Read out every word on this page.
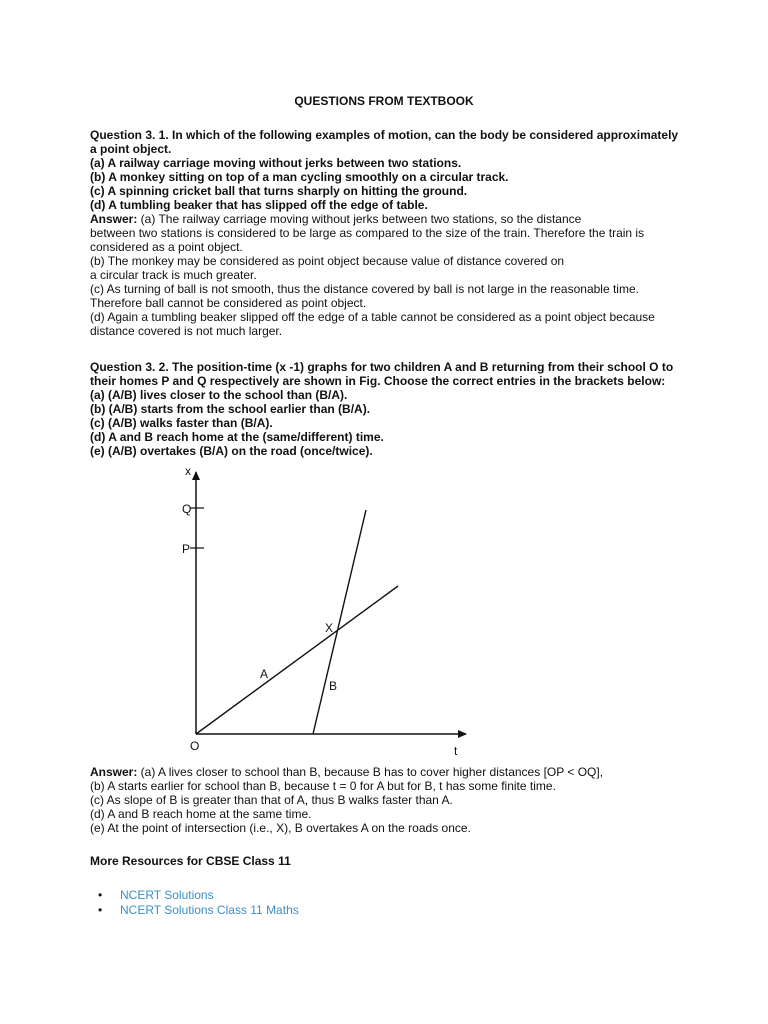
QUESTIONS FROM TEXTBOOK
Question 3. 1. In which of the following examples of motion, can the body be considered approximately
a point object.
(a) A railway carriage moving without jerks between two stations.
(b) A monkey sitting on top of a man cycling smoothly on a circular track.
(c) A spinning cricket ball that turns sharply on hitting the ground.
(d) A tumbling beaker that has slipped off the edge of table.
Answer: (a) The railway carriage moving without jerks between two stations, so the distance
between two stations is considered to be large as compared to the size of the train. Therefore the train is
considered as a point object.
(b) The monkey may be considered as point object because value of distance covered on
a circular track is much greater.
(c) As turning of ball is not smooth, thus the distance covered by ball is not large in the reasonable time.
Therefore ball cannot be considered as point object.
(d) Again a tumbling beaker slipped off the edge of a table cannot be considered as a point object because
distance covered is not much larger.
Question 3. 2. The position-time (x -1) graphs for two children A and B returning from their school O to
their homes P and Q respectively are shown in Fig. Choose the correct entries in the brackets below:
(a) (A/B) lives closer to the school than (B/A).
(b) (A/B) starts from the school earlier than (B/A).
(c) (A/B) walks faster than (B/A).
(d) A and B reach home at the (same/different) time.
(e) (A/B) overtakes (B/A) on the road (once/twice).
x
Q
P
X
A
B
O	t
Answer: (a) A lives closer to school than B, because B has to cover higher distances [OP < OQ],
(b) A starts earlier for school than B, because t = 0 for A but for B, t has some finite time.
(c) As slope of B is greater than that of A, thus B walks faster than A.
(d) A and B reach home at the same time.
(e) At the point of intersection (i.e., X), B overtakes A on the roads once.
More Resources for CBSE Class 11
• NCERT Solutions
• NCERT Solutions Class 11 Maths
